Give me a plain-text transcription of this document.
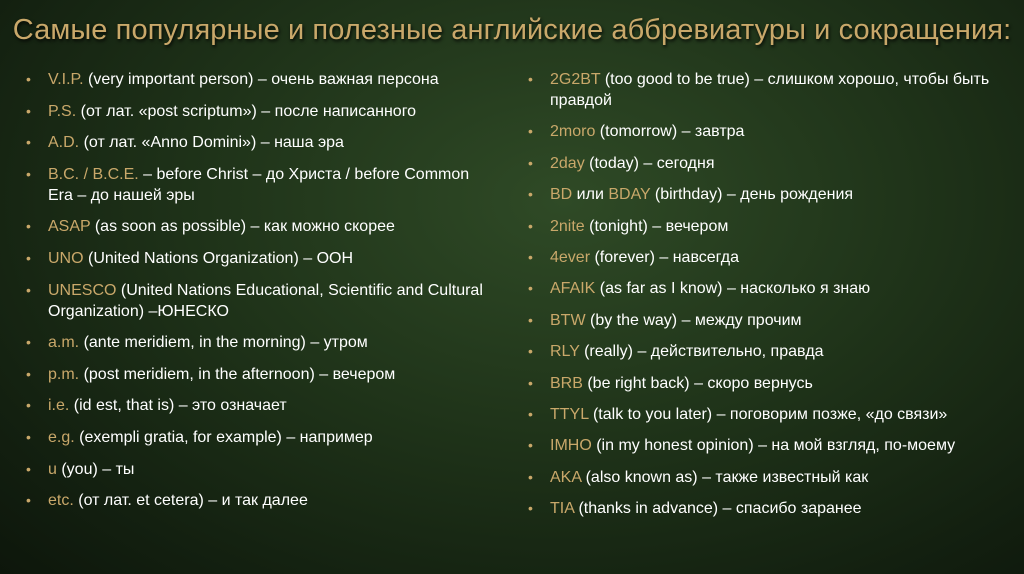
Самые популярные и полезные английские аббревиатуры и сокращения:
• V.I.P. (very important person) – очень важная персона
• P.S. (от лат. «post scriptum») – после написанного
• A.D. (от лат. «Anno Domini») – наша эра
• B.C. / B.C.E. – before Christ – до Христа / before Common Era – до нашей эры
• ASAP (as soon as possible) – как можно скорее
• UNO (United Nations Organization) – ООН
• UNESCO (United Nations Educational, Scientific and Cultural Organization) –ЮНЕСКО
• a.m. (ante meridiem, in the morning) – утром
• p.m. (post meridiem, in the afternoon) – вечером
• i.e. (id est, that is) – это означает
• e.g. (exempli gratia, for example) – например
• u (you) – ты
• etc. (от лат. et cetera) – и так далее
• 2G2BT (too good to be true) – слишком хорошо, чтобы быть правдой
• 2moro (tomorrow) – завтра
• 2day (today) – сегодня
• BD или BDAY (birthday) – день рождения
• 2nite (tonight) – вечером
• 4ever (forever) – навсегда
• AFAIK (as far as I know) – насколько я знаю
• BTW (by the way) – между прочим
• RLY (really) – действительно, правда
• BRB (be right back) – скоро вернусь
• TTYL (talk to you later) – поговорим позже, «до связи»
• IMHO (in my honest opinion) – на мой взгляд, по-моему
• AKA (also known as) – также известный как
• TIA (thanks in advance) – спасибо заранее
